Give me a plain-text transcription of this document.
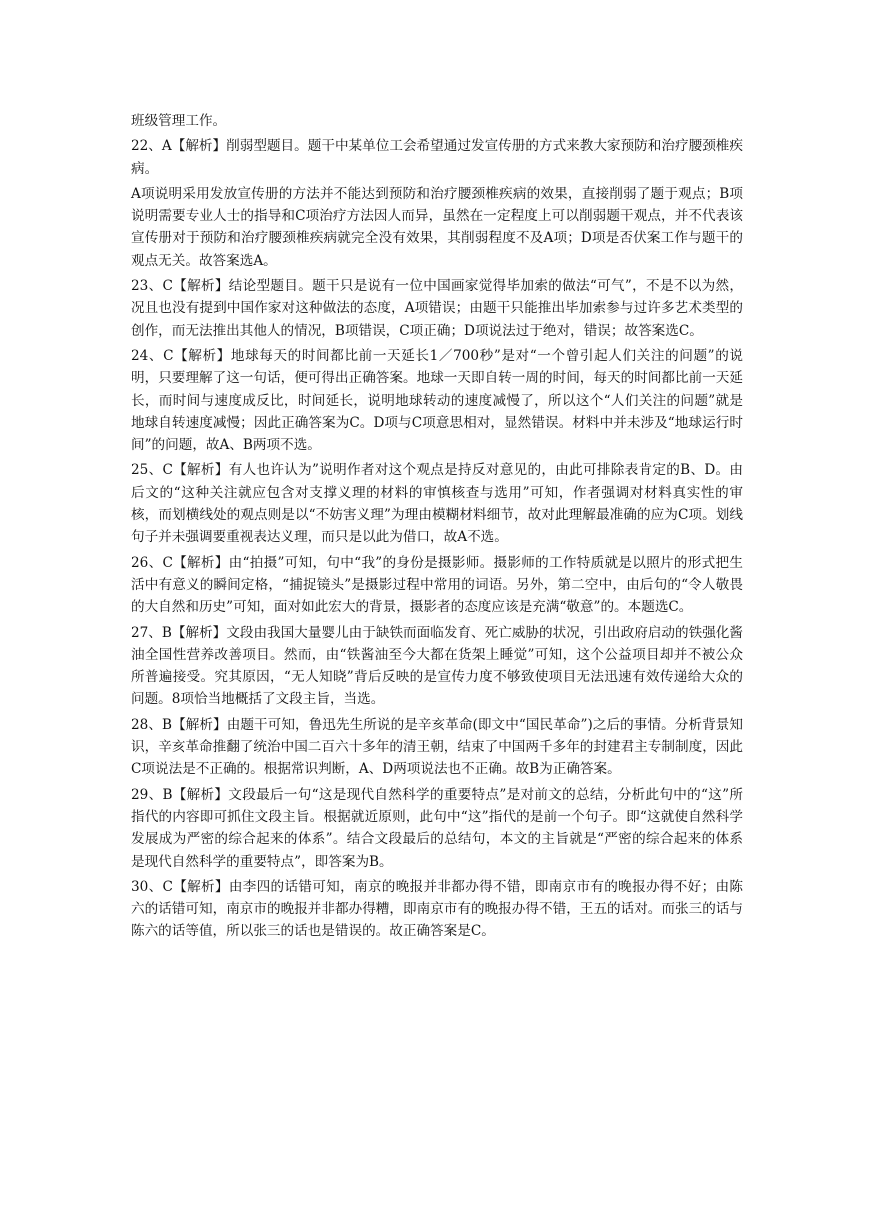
班级管理工作。

22、A【解析】削弱型题目。题干中某单位工会希望通过发宣传册的方式来教大家预防和治疗腰颈椎疾病。

A项说明采用发放宣传册的方法并不能达到预防和治疗腰颈椎疾病的效果，直接削弱了题于观点；B项说明需要专业人士的指导和C项治疗方法因人而异，虽然在一定程度上可以削弱题干观点，并不代表该宣传册对于预防和治疗腰颈椎疾病就完全没有效果，其削弱程度不及A项；D项是否伏案工作与题干的观点无关。故答案选A。

23、C【解析】结论型题目。题干只是说有一位中国画家觉得毕加索的做法“可气”，不是不以为然，况且也没有提到中国作家对这种做法的态度，A项错误；由题干只能推出毕加索参与过许多艺术类型的创作，而无法推出其他人的情况，B项错误，C项正确；D项说法过于绝对，错误；故答案选C。

24、C【解析】地球每天的时间都比前一天延长1／700秒”是对“一个曾引起人们关注的问题”的说明，只要理解了这一句话，便可得出正确答案。地球一天即自转一周的时间，每天的时间都比前一天延长，而时间与速度成反比，时间延长，说明地球转动的速度减慢了，所以这个“人们关注的问题”就是地球自转速度减慢；因此正确答案为C。D项与C项意思相对，显然错误。材料中并未涉及“地球运行时间”的问题，故A、B两项不选。

25、C【解析】有人也许认为”说明作者对这个观点是持反对意见的，由此可排除表肯定的B、D。由后文的“这种关注就应包含对支撑义理的材料的审慎核查与选用”可知，作者强调对材料真实性的审核，而划横线处的观点则是以“不妨害义理”为理由模糊材料细节，故对此理解最准确的应为C项。划线句子并未强调要重视表达义理，而只是以此为借口，故A不选。

26、C【解析】由“拍摄”可知，句中“我”的身份是摄影师。摄影师的工作特质就是以照片的形式把生活中有意义的瞬间定格，“捕捉镜头”是摄影过程中常用的词语。另外，第二空中，由后句的“令人敬畏的大自然和历史”可知，面对如此宏大的背景，摄影者的态度应该是充满“敬意”的。本题选C。

27、B【解析】文段由我国大量婴儿由于缺铁而面临发育、死亡威胁的状况，引出政府启动的铁强化酱油全国性营养改善项目。然而，由“铁酱油至今大都在货架上睡觉”可知，这个公益项目却并不被公众所普遍接受。究其原因，“无人知晓”背后反映的是宣传力度不够致使项目无法迅速有效传递给大众的问题。8项恰当地概括了文段主旨，当选。

28、B【解析】由题干可知，鲁迅先生所说的是辛亥革命(即文中“国民革命”)之后的事情。分析背景知识，辛亥革命推翻了统治中国二百六十多年的清王朝，结束了中国两千多年的封建君主专制制度，因此C项说法是不正确的。根据常识判断，A、D两项说法也不正确。故B为正确答案。

29、B【解析】文段最后一句“这是现代自然科学的重要特点”是对前文的总结，分析此句中的“这”所指代的内容即可抓住文段主旨。根据就近原则，此句中“这”指代的是前一个句子。即“这就使自然科学发展成为严密的综合起来的体系”。结合文段最后的总结句，本文的主旨就是“严密的综合起来的体系是现代自然科学的重要特点”，即答案为B。

30、C【解析】由李四的话错可知，南京的晚报并非都办得不错，即南京市有的晚报办得不好；由陈六的话错可知，南京市的晚报并非都办得糟，即南京市有的晚报办得不错，王五的话对。而张三的话与陈六的话等值，所以张三的话也是错误的。故正确答案是C。
